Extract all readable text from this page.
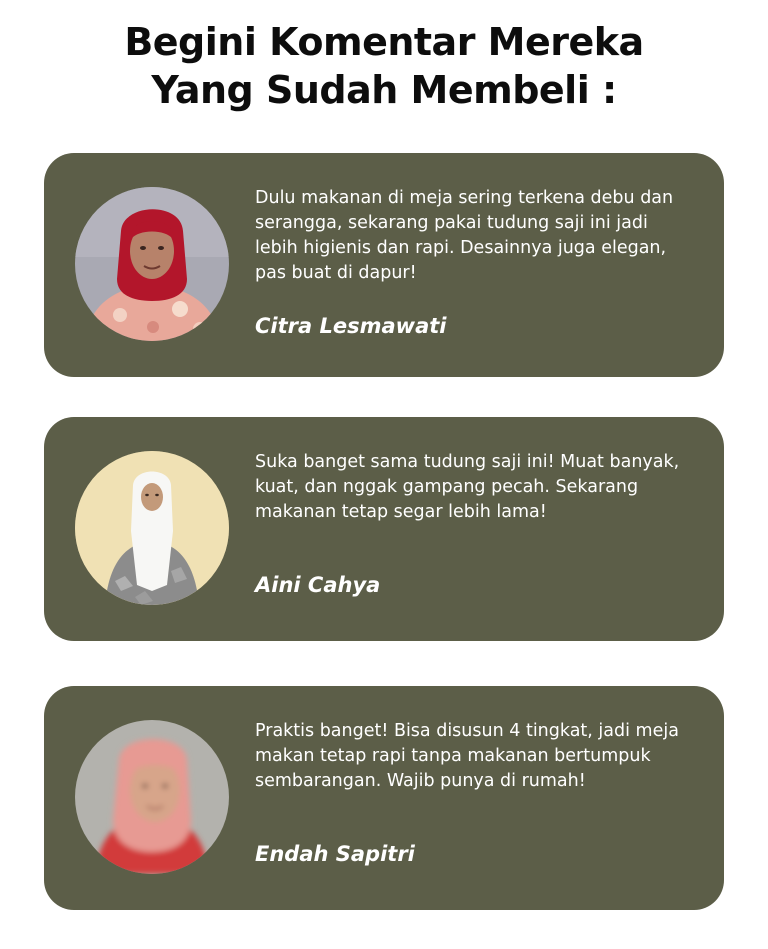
Begini Komentar Mereka
Yang Sudah Membeli :

Dulu makanan di meja sering terkena debu dan serangga, sekarang pakai tudung saji ini jadi lebih higienis dan rapi. Desainnya juga elegan, pas buat di dapur!

Citra Lesmawati

Suka banget sama tudung saji ini! Muat banyak, kuat, dan nggak gampang pecah. Sekarang makanan tetap segar lebih lama!

Aini Cahya

Praktis banget! Bisa disusun 4 tingkat, jadi meja makan tetap rapi tanpa makanan bertumpuk sembarangan. Wajib punya di rumah!

Endah Sapitri
